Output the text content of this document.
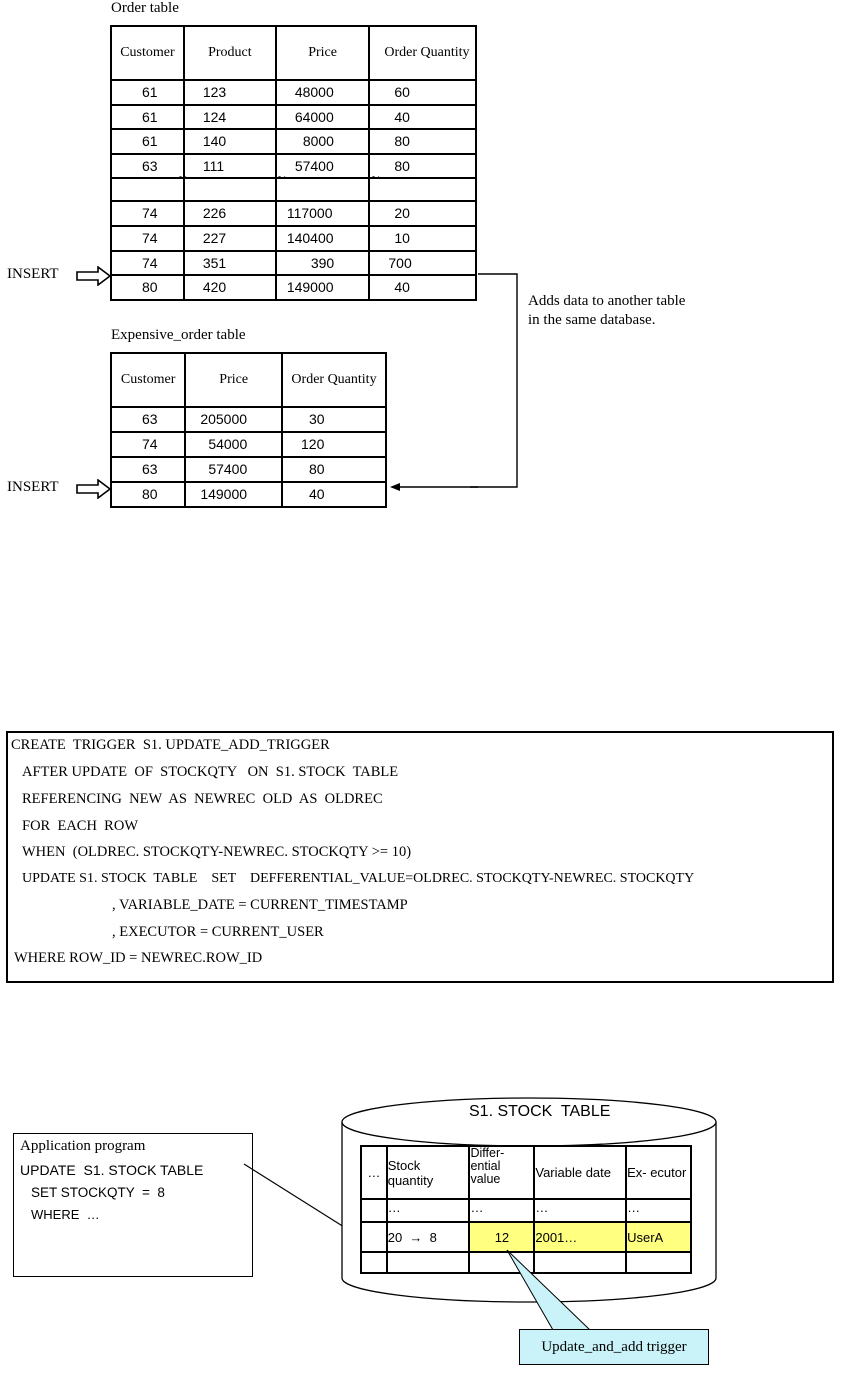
Order table
Customer	Product	Price	Order Quantity
61	123	48000	60
61	124	64000	40
61	140	8000	80
63	111	57400	80

74	226	117000	20
74	227	140400	10
74	351	390	700
80	420	149000	40
~	~	~
INSERT
Adds data to another table
in the same database.
Expensive_order table
Customer	Price	Order Quantity
63	205000	30
74	54000	120
63	57400	80
80	149000	40
INSERT
CREATE  TRIGGER  S1. UPDATE_ADD_TRIGGER
AFTER UPDATE  OF  STOCKQTY   ON  S1. STOCK  TABLE
REFERENCING  NEW  AS  NEWREC  OLD  AS  OLDREC
FOR  EACH  ROW
WHEN  (OLDREC. STOCKQTY-NEWREC. STOCKQTY >= 10)
UPDATE S1. STOCK  TABLE    SET    DEFFERENTIAL_VALUE=OLDREC. STOCKQTY-NEWREC. STOCKQTY
, VARIABLE_DATE = CURRENT_TIMESTAMP
, EXECUTOR = CURRENT_USER
WHERE ROW_ID = NEWREC.ROW_ID
Application program
UPDATE  S1. STOCK TABLE
SET STOCKQTY  =  8
WHERE  …
S1. STOCK  TABLE
…	Stock quantity	Differ- ential value	Variable date	Ex- ecutor
	…	…	…	…
	20  →  8	12	2001…	UserA

Update_and_add trigger
